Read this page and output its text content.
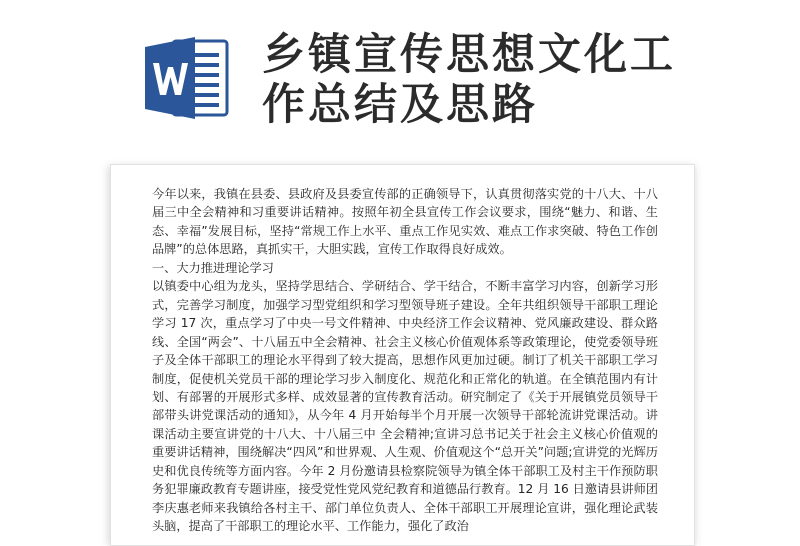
乡镇宣传思想文化工
作总结及思路

今年以来，我镇在县委、县政府及县委宣传部的正确领导下，认真贯彻落实党的十八大、十八届三中全会精神和习重要讲话精神。按照年初全县宣传工作会议要求，围绕“魅力、和谐、生态、幸福”发展目标，坚持“常规工作上水平、重点工作见实效、难点工作求突破、特色工作创品牌”的总体思路，真抓实干，大胆实践，宣传工作取得良好成效。

一、大力推进理论学习

以镇委中心组为龙头，坚持学思结合、学研结合、学干结合，不断丰富学习内容，创新学习形式，完善学习制度，加强学习型党组织和学习型领导班子建设。全年共组织领导干部职工理论学习 17 次，重点学习了中央一号文件精神、中央经济工作会议精神、党风廉政建设、群众路线、全国“两会”、十八届五中全会精神、社会主义核心价值观体系等政策理论，使党委领导班子及全体干部职工的理论水平得到了较大提高，思想作风更加过硬。制订了机关干部职工学习制度，促使机关党员干部的理论学习步入制度化、规范化和正常化的轨道。在全镇范围内有计划、有部署的开展形式多样、成效显著的宣传教育活动。研究制定了《关于开展镇党员领导干部带头讲党课活动的通知》，从今年 4 月开始每半个月开展一次领导干部轮流讲党课活动。讲课活动主要宣讲党的十八大、十八届三中 全会精神;宣讲习总书记关于社会主义核心价值观的重要讲话精神，围绕解决“四风”和世界观、人生观、价值观这个“总开关”问题;宣讲党的光辉历史和优良传统等方面内容。今年 2 月份邀请县检察院领导为镇全体干部职工及村主干作预防职务犯罪廉政教育专题讲座，接受党性党风党纪教育和道德品行教育。12 月 16 日邀请县讲师团李庆惠老师来我镇给各村主干、部门单位负责人、全体干部职工开展理论宣讲，强化理论武装头脑，提高了干部职工的理论水平、工作能力，强化了政治
